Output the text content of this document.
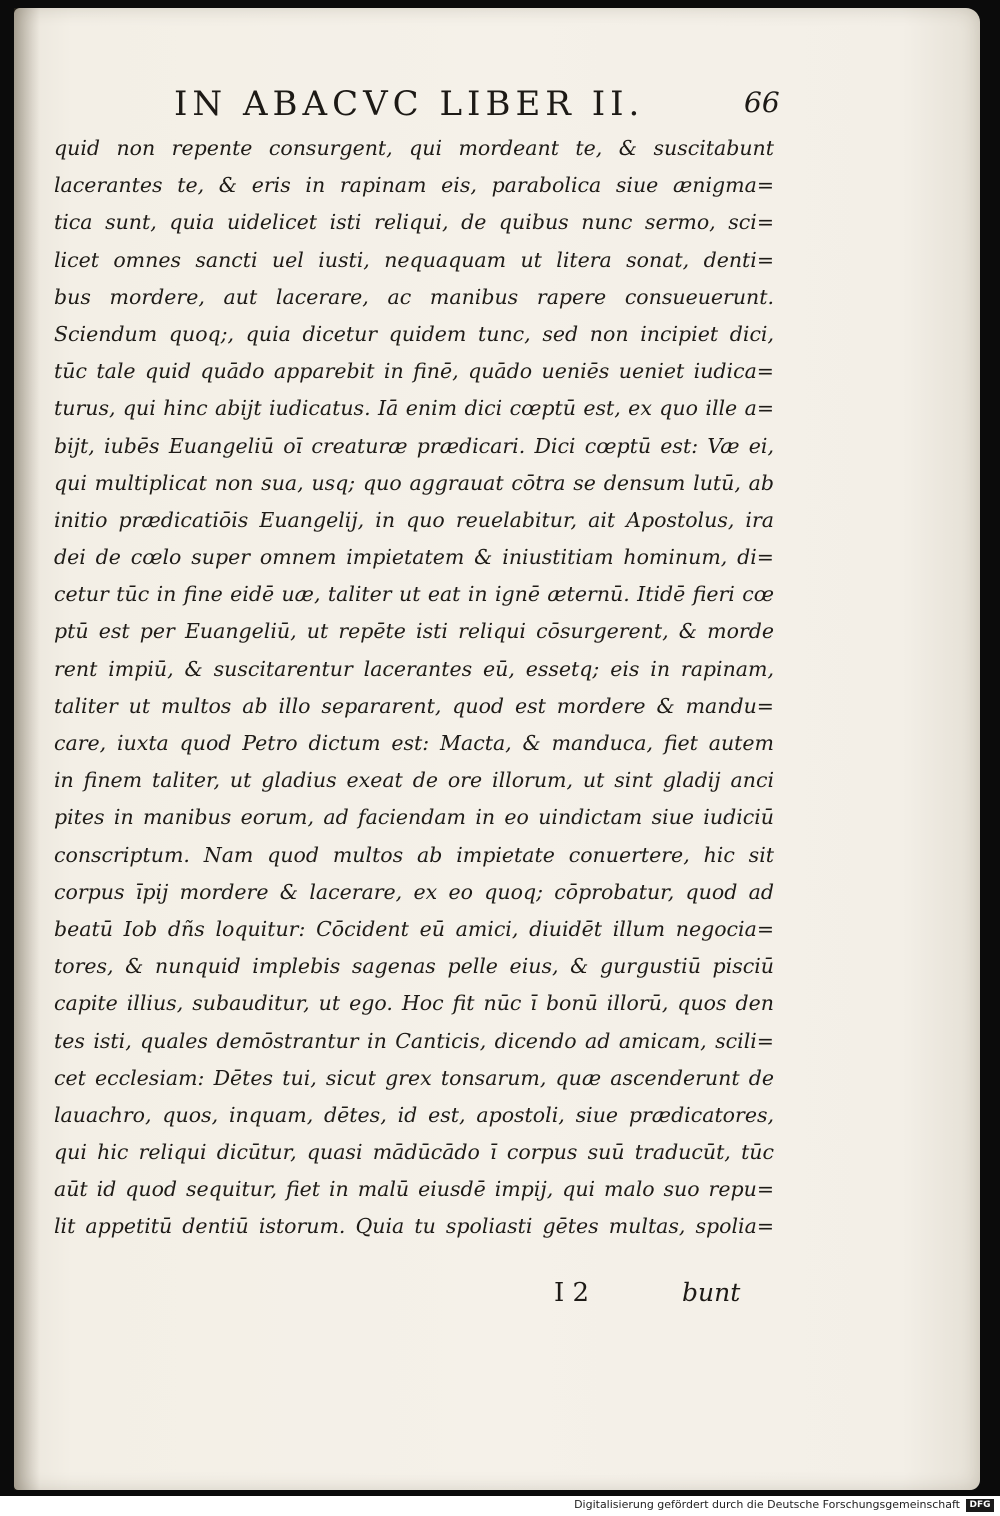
IN ABACVC LIBER II.	66
quid non repente consurgent, qui mordeant te, & suscitabunt
lacerantes te, & eris in rapinam eis, parabolica siue ænigma=
tica sunt, quia uidelicet isti reliqui, de quibus nunc sermo, sci=
licet omnes sancti uel iusti, nequaquam ut litera sonat, denti=
bus mordere, aut lacerare, ac manibus rapere consueuerunt.
Sciendum quoq;, quia dicetur quidem tunc, sed non incipiet dici,
tūc tale quid quādo apparebit in finē, quādo ueniēs ueniet iudica=
turus, qui hinc abijt iudicatus. Iā enim dici cœptū est, ex quo ille a=
bijt, iubēs Euangeliū oī creaturæ prædicari. Dici cœptū est: Væ ei,
qui multiplicat non sua, usq; quo aggrauat cōtra se densum lutū, ab
initio prædicatiōis Euangelij, in quo reuelabitur, ait Apostolus, ira
dei de cœlo super omnem impietatem & iniustitiam hominum, di=
cetur tūc in fine eidē uæ, taliter ut eat in ignē æternū. Itidē fieri cœ
ptū est per Euangeliū, ut repēte isti reliqui cōsurgerent, & morde
rent impiū, & suscitarentur lacerantes eū, essetq; eis in rapinam,
taliter ut multos ab illo separarent, quod est mordere & mandu=
care, iuxta quod Petro dictum est: Macta, & manduca, fiet autem
in finem taliter, ut gladius exeat de ore illorum, ut sint gladij anci
pites in manibus eorum, ad faciendam in eo uindictam siue iudiciū
conscriptum. Nam quod multos ab impietate conuertere, hic sit
corpus īpij mordere & lacerare, ex eo quoq; cōprobatur, quod ad
beatū Iob dñs loquitur: Cōcident eū amici, diuidēt illum negocia=
tores, & nunquid implebis sagenas pelle eius, & gurgustiū pisciū
capite illius, subauditur, ut ego. Hoc fit nūc ī bonū illorū, quos den
tes isti, quales demōstrantur in Canticis, dicendo ad amicam, scili=
cet ecclesiam: Dētes tui, sicut grex tonsarum, quæ ascenderunt de
lauachro, quos, inquam, dētes, id est, apostoli, siue prædicatores,
qui hic reliqui dicūtur, quasi mādūcādo ī corpus suū traducūt, tūc
aūt id quod sequitur, fiet in malū eiusdē impij, qui malo suo repu=
lit appetitū dentiū istorum. Quia tu spoliasti gētes multas, spolia=
I 2	bunt
Digitalisierung gefördert durch die Deutsche Forschungsgemeinschaft	DFG
